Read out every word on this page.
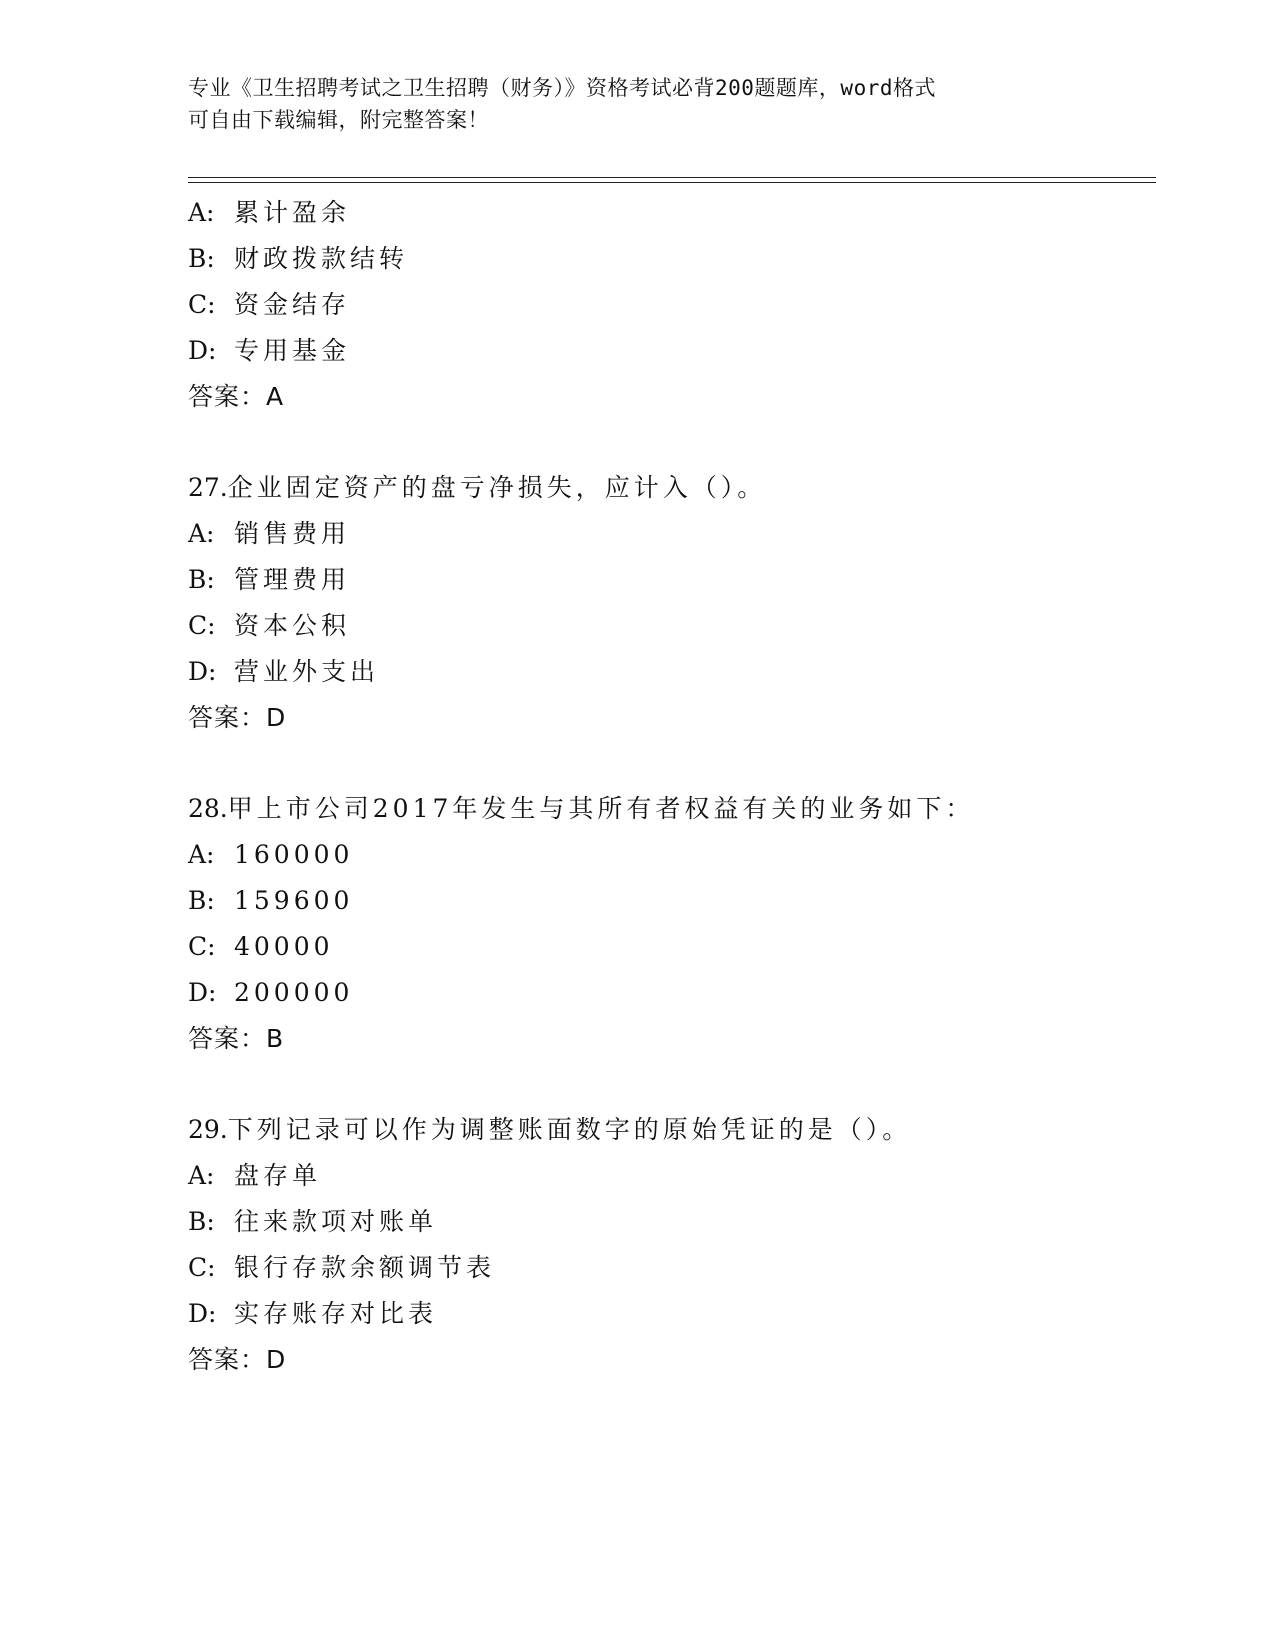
专业《卫生招聘考试之卫生招聘（财务）》资格考试必背200题题库，word格式
可自由下载编辑，附完整答案！
A: 累计盈余
B: 财政拨款结转
C: 资金结存
D: 专用基金
答案：A
27.企业固定资产的盘亏净损失，应计入（）。
A: 销售费用
B: 管理费用
C: 资本公积
D: 营业外支出
答案：D
28.甲上市公司2017年发生与其所有者权益有关的业务如下：
A: 160000
B: 159600
C: 40000
D: 200000
答案：B
29.下列记录可以作为调整账面数字的原始凭证的是（）。
A: 盘存单
B: 往来款项对账单
C: 银行存款余额调节表
D: 实存账存对比表
答案：D
